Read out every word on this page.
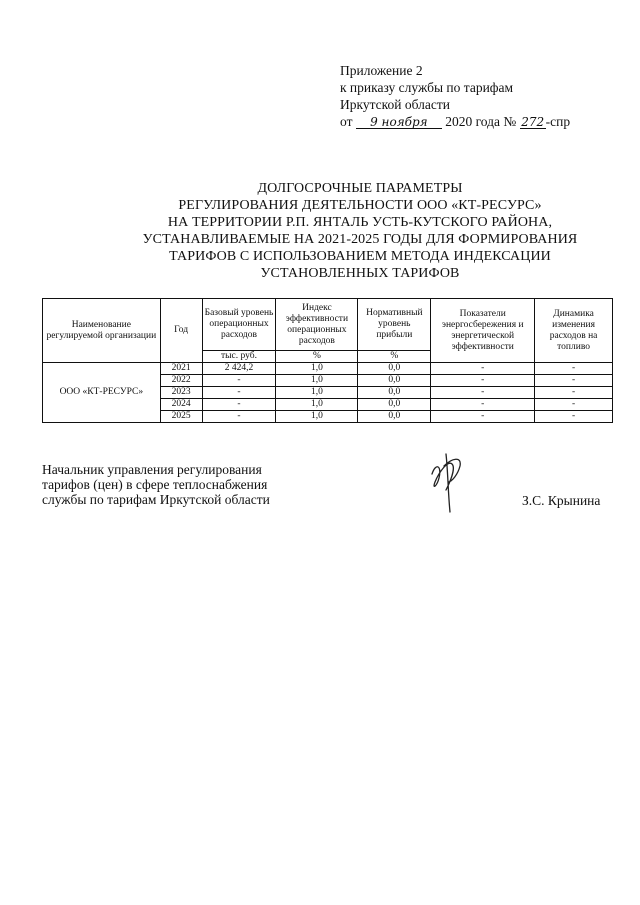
Приложение 2
к приказу службы по тарифам
Иркутской области
от 9 ноября 2020 года № 272 -спр
ДОЛГОСРОЧНЫЕ ПАРАМЕТРЫ
РЕГУЛИРОВАНИЯ ДЕЯТЕЛЬНОСТИ ООО «КТ-РЕСУРС»
НА ТЕРРИТОРИИ Р.П. ЯНТАЛЬ УСТЬ-КУТСКОГО РАЙОНА,
УСТАНАВЛИВАЕМЫЕ НА 2021-2025 ГОДЫ ДЛЯ ФОРМИРОВАНИЯ
ТАРИФОВ С ИСПОЛЬЗОВАНИЕМ МЕТОДА ИНДЕКСАЦИИ
УСТАНОВЛЕННЫХ ТАРИФОВ
Наименование регулируемой организации	Год	Базовый уровень операционных расходов	Индекс эффективности операционных расходов	Нормативный уровень прибыли	Показатели энергосбережения и энергетической эффективности	Динамика изменения расходов на топливо
		тыс. руб.	%	%		
ООО «КТ-РЕСУРС»	2021	2 424,2	1,0	0,0	-	-
	2022	-	1,0	0,0	-	-
	2023	-	1,0	0,0	-	-
	2024	-	1,0	0,0	-	-
	2025	-	1,0	0,0	-	-
Начальник управления регулирования
тарифов (цен) в сфере теплоснабжения
службы по тарифам Иркутской области	З.С. Крынина
